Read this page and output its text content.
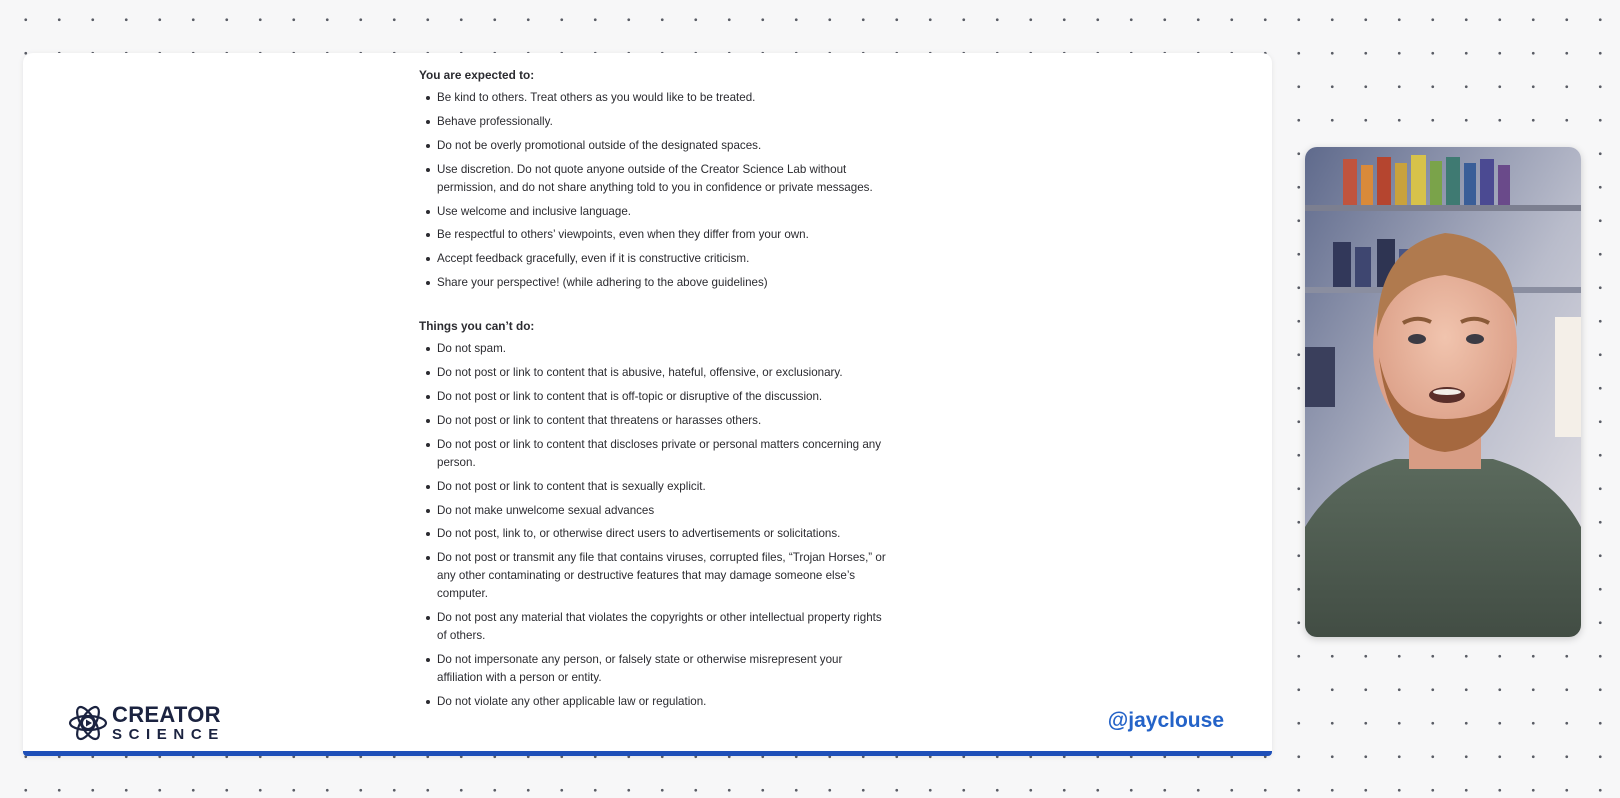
You are expected to:
Be kind to others. Treat others as you would like to be treated.
Behave professionally.
Do not be overly promotional outside of the designated spaces.
Use discretion. Do not quote anyone outside of the Creator Science Lab without permission, and do not share anything told to you in confidence or private messages.
Use welcome and inclusive language.
Be respectful to others’ viewpoints, even when they differ from your own.
Accept feedback gracefully, even if it is constructive criticism.
Share your perspective! (while adhering to the above guidelines)
Things you can’t do:
Do not spam.
Do not post or link to content that is abusive, hateful, offensive, or exclusionary.
Do not post or link to content that is off-topic or disruptive of the discussion.
Do not post or link to content that threatens or harasses others.
Do not post or link to content that discloses private or personal matters concerning any person.
Do not post or link to content that is sexually explicit.
Do not make unwelcome sexual advances
Do not post, link to, or otherwise direct users to advertisements or solicitations.
Do not post or transmit any file that contains viruses, corrupted files, “Trojan Horses,” or any other contaminating or destructive features that may damage someone else’s computer.
Do not post any material that violates the copyrights or other intellectual property rights of others.
Do not impersonate any person, or falsely state or otherwise misrepresent your affiliation with a person or entity.
Do not violate any other applicable law or regulation.
CREATOR
SCIENCE
@jayclouse
